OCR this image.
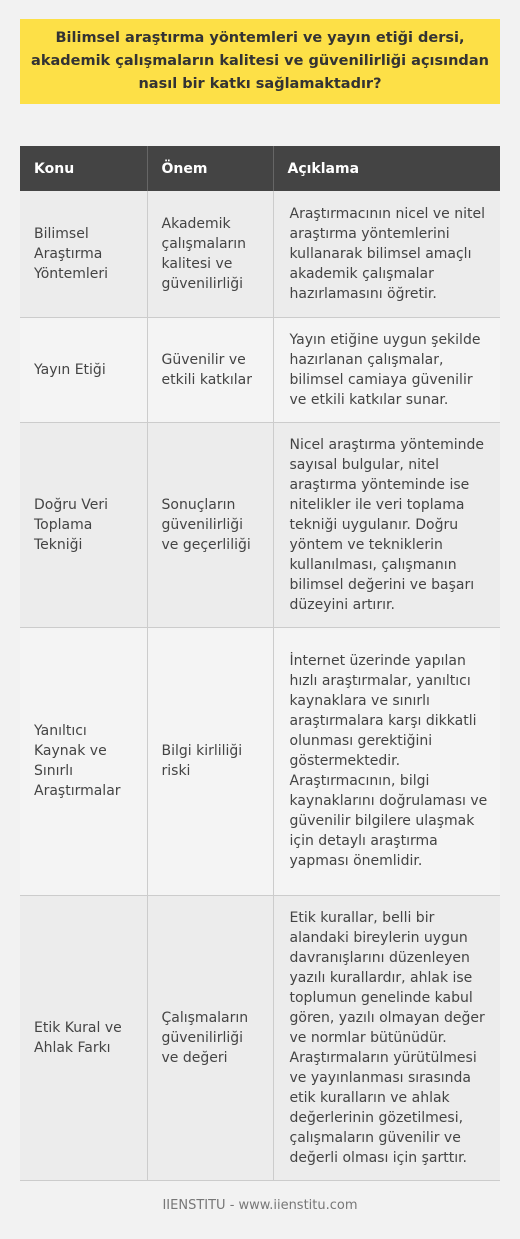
Bilimsel araştırma yöntemleri ve yayın etiği dersi, akademik çalışmaların kalitesi ve güvenilirliği açısından nasıl bir katkı sağlamaktadır?
Konu	Önem	Açıklama
Bilimsel Araştırma Yöntemleri	Akademik çalışmaların kalitesi ve güvenilirliği	Araştırmacının nicel ve nitel araştırma yöntemlerini kullanarak bilimsel amaçlı akademik çalışmalar hazırlamasını öğretir.
Yayın Etiği	Güvenilir ve etkili katkılar	Yayın etiğine uygun şekilde hazırlanan çalışmalar, bilimsel camiaya güvenilir ve etkili katkılar sunar.
Doğru Veri Toplama Tekniği	Sonuçların güvenilirliği ve geçerliliği	Nicel araştırma yönteminde sayısal bulgular, nitel araştırma yönteminde ise nitelikler ile veri toplama tekniği uygulanır. Doğru yöntem ve tekniklerin kullanılması, çalışmanın bilimsel değerini ve başarı düzeyini artırır.
Yanıltıcı Kaynak ve Sınırlı Araştırmalar	Bilgi kirliliği riski	İnternet üzerinde yapılan hızlı araştırmalar, yanıltıcı kaynaklara ve sınırlı araştırmalara karşı dikkatli olunması gerektiğini göstermektedir. Araştırmacının, bilgi kaynaklarını doğrulaması ve güvenilir bilgilere ulaşmak için detaylı araştırma yapması önemlidir.
Etik Kural ve Ahlak Farkı	Çalışmaların güvenilirliği ve değeri	Etik kurallar, belli bir alandaki bireylerin uygun davranışlarını düzenleyen yazılı kurallardır, ahlak ise toplumun genelinde kabul gören, yazılı olmayan değer ve normlar bütünüdür. Araştırmaların yürütülmesi ve yayınlanması sırasında etik kuralların ve ahlak değerlerinin gözetilmesi, çalışmaların güvenilir ve değerli olması için şarttır.
IIENSTITU - www.iienstitu.com
